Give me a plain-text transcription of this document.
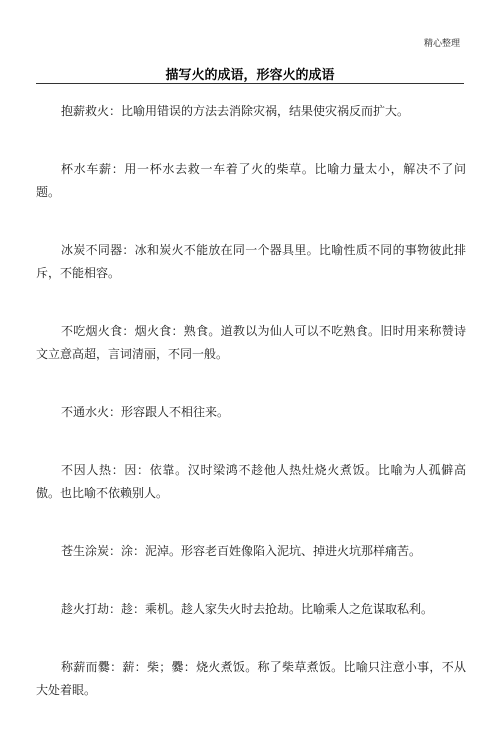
精心整理
描写火的成语，形容火的成语

抱薪救火：比喻用错误的方法去消除灾祸，结果使灾祸反而扩大。

杯水车薪：用一杯水去救一车着了火的柴草。比喻力量太小，解决不了问题。

冰炭不同器：冰和炭火不能放在同一个器具里。比喻性质不同的事物彼此排斥，不能相容。

不吃烟火食：烟火食：熟食。道教以为仙人可以不吃熟食。旧时用来称赞诗文立意高超，言词清丽，不同一般。

不通水火：形容跟人不相往来。

不因人热：因：依靠。汉时梁鸿不趁他人热灶烧火煮饭。比喻为人孤僻高傲。也比喻不依赖别人。

苍生涂炭：涂：泥淖。形容老百姓像陷入泥坑、掉进火坑那样痛苦。

趁火打劫：趁：乘机。趁人家失火时去抢劫。比喻乘人之危谋取私利。

称薪而爨：薪：柴；爨：烧火煮饭。称了柴草煮饭。比喻只注意小事，不从大处着眼。
